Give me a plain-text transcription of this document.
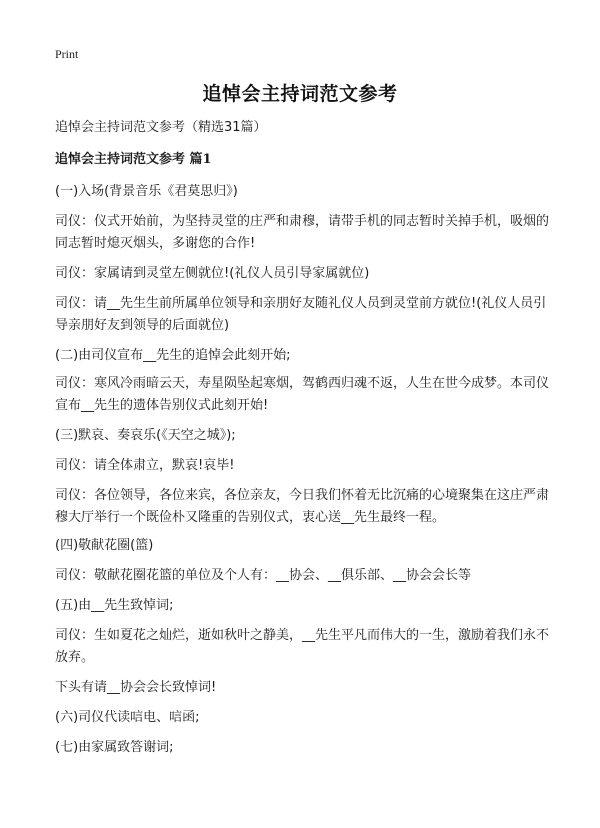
Print
追悼会主持词范文参考
追悼会主持词范文参考（精选31篇）
追悼会主持词范文参考 篇1
(一)入场(背景音乐《君莫思归》)
司仪：仪式开始前，为坚持灵堂的庄严和肃穆，请带手机的同志暂时关掉手机，吸烟的同志暂时熄灭烟头，多谢您的合作!
司仪：家属请到灵堂左侧就位!(礼仪人员引导家属就位)
司仪：请__先生生前所属单位领导和亲朋好友随礼仪人员到灵堂前方就位!(礼仪人员引导亲朋好友到领导的后面就位)
(二)由司仪宣布__先生的追悼会此刻开始;
司仪：寒风冷雨暗云天，寿星陨坠起寒烟，驾鹤西归魂不返，人生在世今成梦。本司仪宣布__先生的遗体告别仪式此刻开始!
(三)默哀、奏哀乐(《天空之城》);
司仪：请全体肃立，默哀!哀毕!
司仪：各位领导，各位来宾，各位亲友，今日我们怀着无比沉痛的心境聚集在这庄严肃穆大厅举行一个既俭朴又隆重的告别仪式，衷心送__先生最终一程。
(四)敬献花圈(篮)
司仪：敬献花圈花篮的单位及个人有：__协会、__俱乐部、__协会会长等
(五)由__先生致悼词;
司仪：生如夏花之灿烂，逝如秋叶之静美，__先生平凡而伟大的一生，激励着我们永不放弃。
下头有请__协会会长致悼词!
(六)司仪代读唁电、唁函;
(七)由家属致答谢词;
